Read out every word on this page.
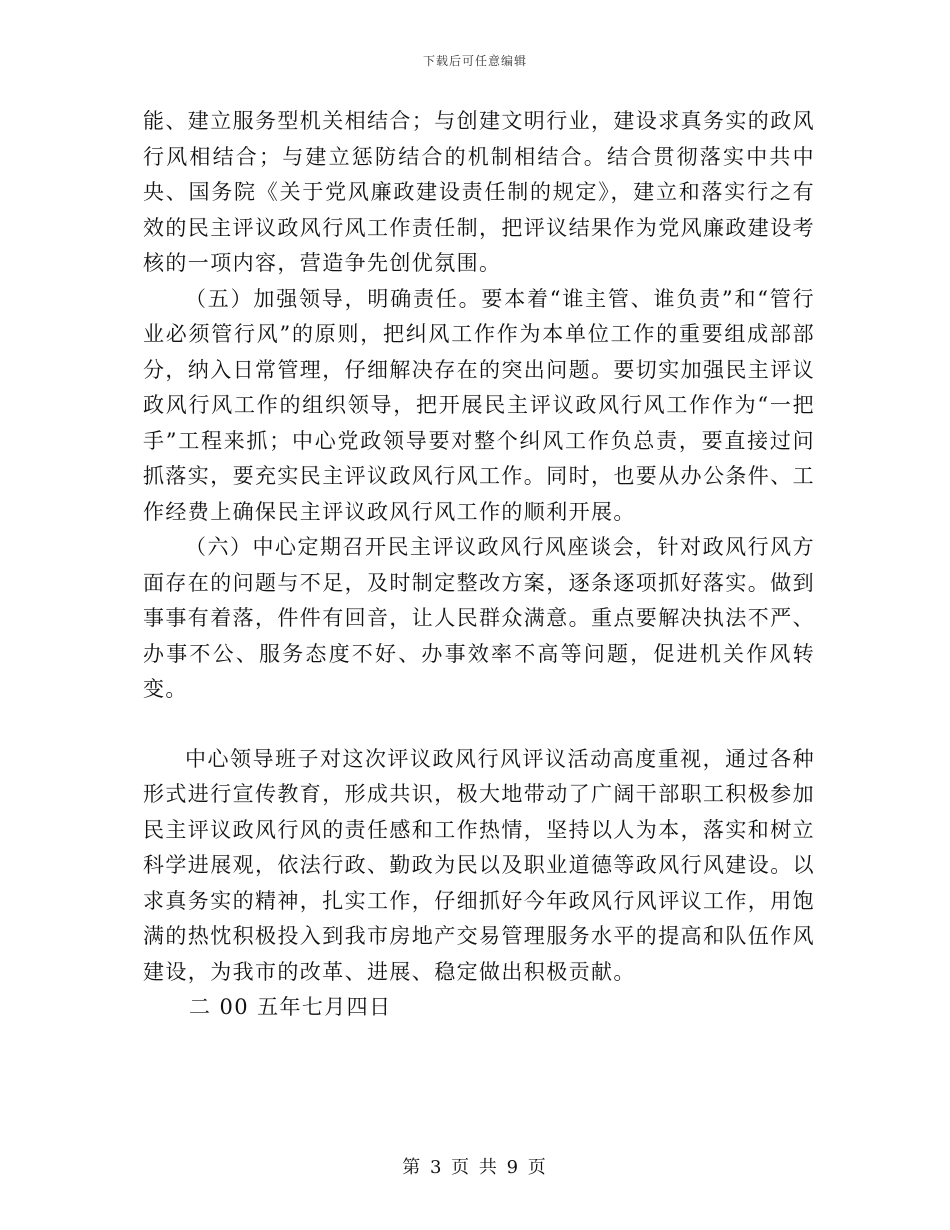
下载后可任意编辑

能、建立服务型机关相结合；与创建文明行业，建设求真务实的政风行风相结合；与建立惩防结合的机制相结合。结合贯彻落实中共中央、国务院《关于党风廉政建设责任制的规定》，建立和落实行之有效的民主评议政风行风工作责任制，把评议结果作为党风廉政建设考核的一项内容，营造争先创优氛围。

（五）加强领导，明确责任。要本着“谁主管、谁负责”和“管行业必须管行风”的原则，把纠风工作作为本单位工作的重要组成部部分，纳入日常管理，仔细解决存在的突出问题。要切实加强民主评议政风行风工作的组织领导，把开展民主评议政风行风工作作为“一把手”工程来抓；中心党政领导要对整个纠风工作负总责，要直接过问抓落实，要充实民主评议政风行风工作。同时，也要从办公条件、工作经费上确保民主评议政风行风工作的顺利开展。

（六）中心定期召开民主评议政风行风座谈会，针对政风行风方面存在的问题与不足，及时制定整改方案，逐条逐项抓好落实。做到事事有着落，件件有回音，让人民群众满意。重点要解决执法不严、办事不公、服务态度不好、办事效率不高等问题，促进机关作风转变。

中心领导班子对这次评议政风行风评议活动高度重视，通过各种形式进行宣传教育，形成共识，极大地带动了广阔干部职工积极参加民主评议政风行风的责任感和工作热情，坚持以人为本，落实和树立科学进展观，依法行政、勤政为民以及职业道德等政风行风建设。以求真务实的精神，扎实工作，仔细抓好今年政风行风评议工作，用饱满的热忱积极投入到我市房地产交易管理服务水平的提高和队伍作风建设，为我市的改革、进展、稳定做出积极贡献。

二 00 五年七月四日

第 3 页 共 9 页
